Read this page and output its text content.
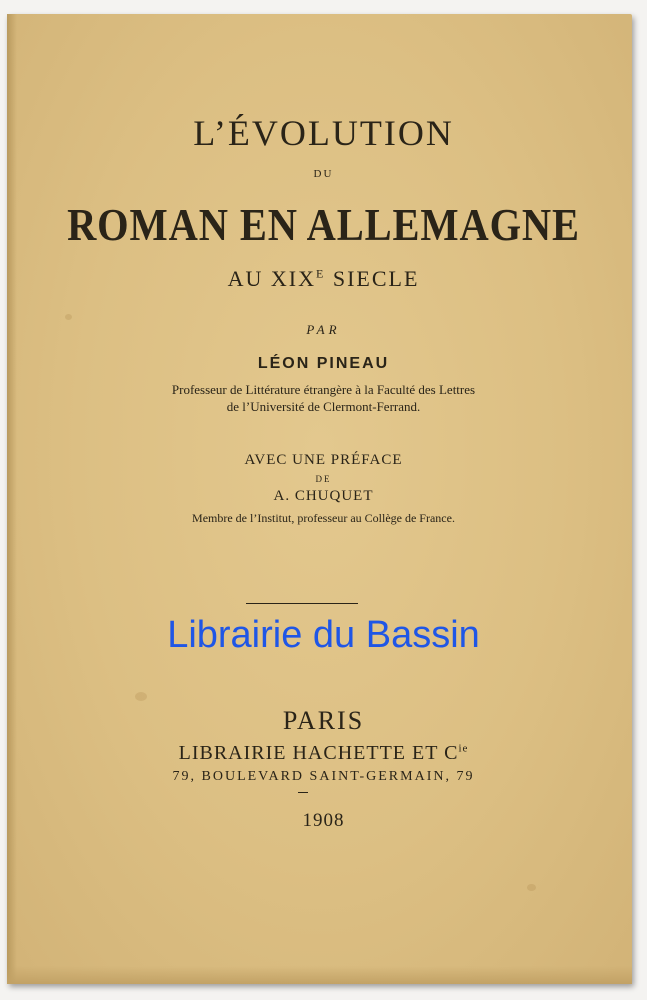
L’ÉVOLUTION
DU
ROMAN EN ALLEMAGNE
AU $XIX^E$ SIECLE
PAR
LÉON PINEAU
Professeur de Littérature étrangère à la Faculté des Lettres
de l’Université de Clermont-Ferrand.
AVEC UNE PRÉFACE
DE
A. CHUQUET
Membre de l’Institut, professeur au Collège de France.
Librairie du Bassin
PARIS
LIBRAIRIE HACHETTE ET $C^{ie}$
79, BOULEVARD SAINT-GERMAIN, 79
1908
